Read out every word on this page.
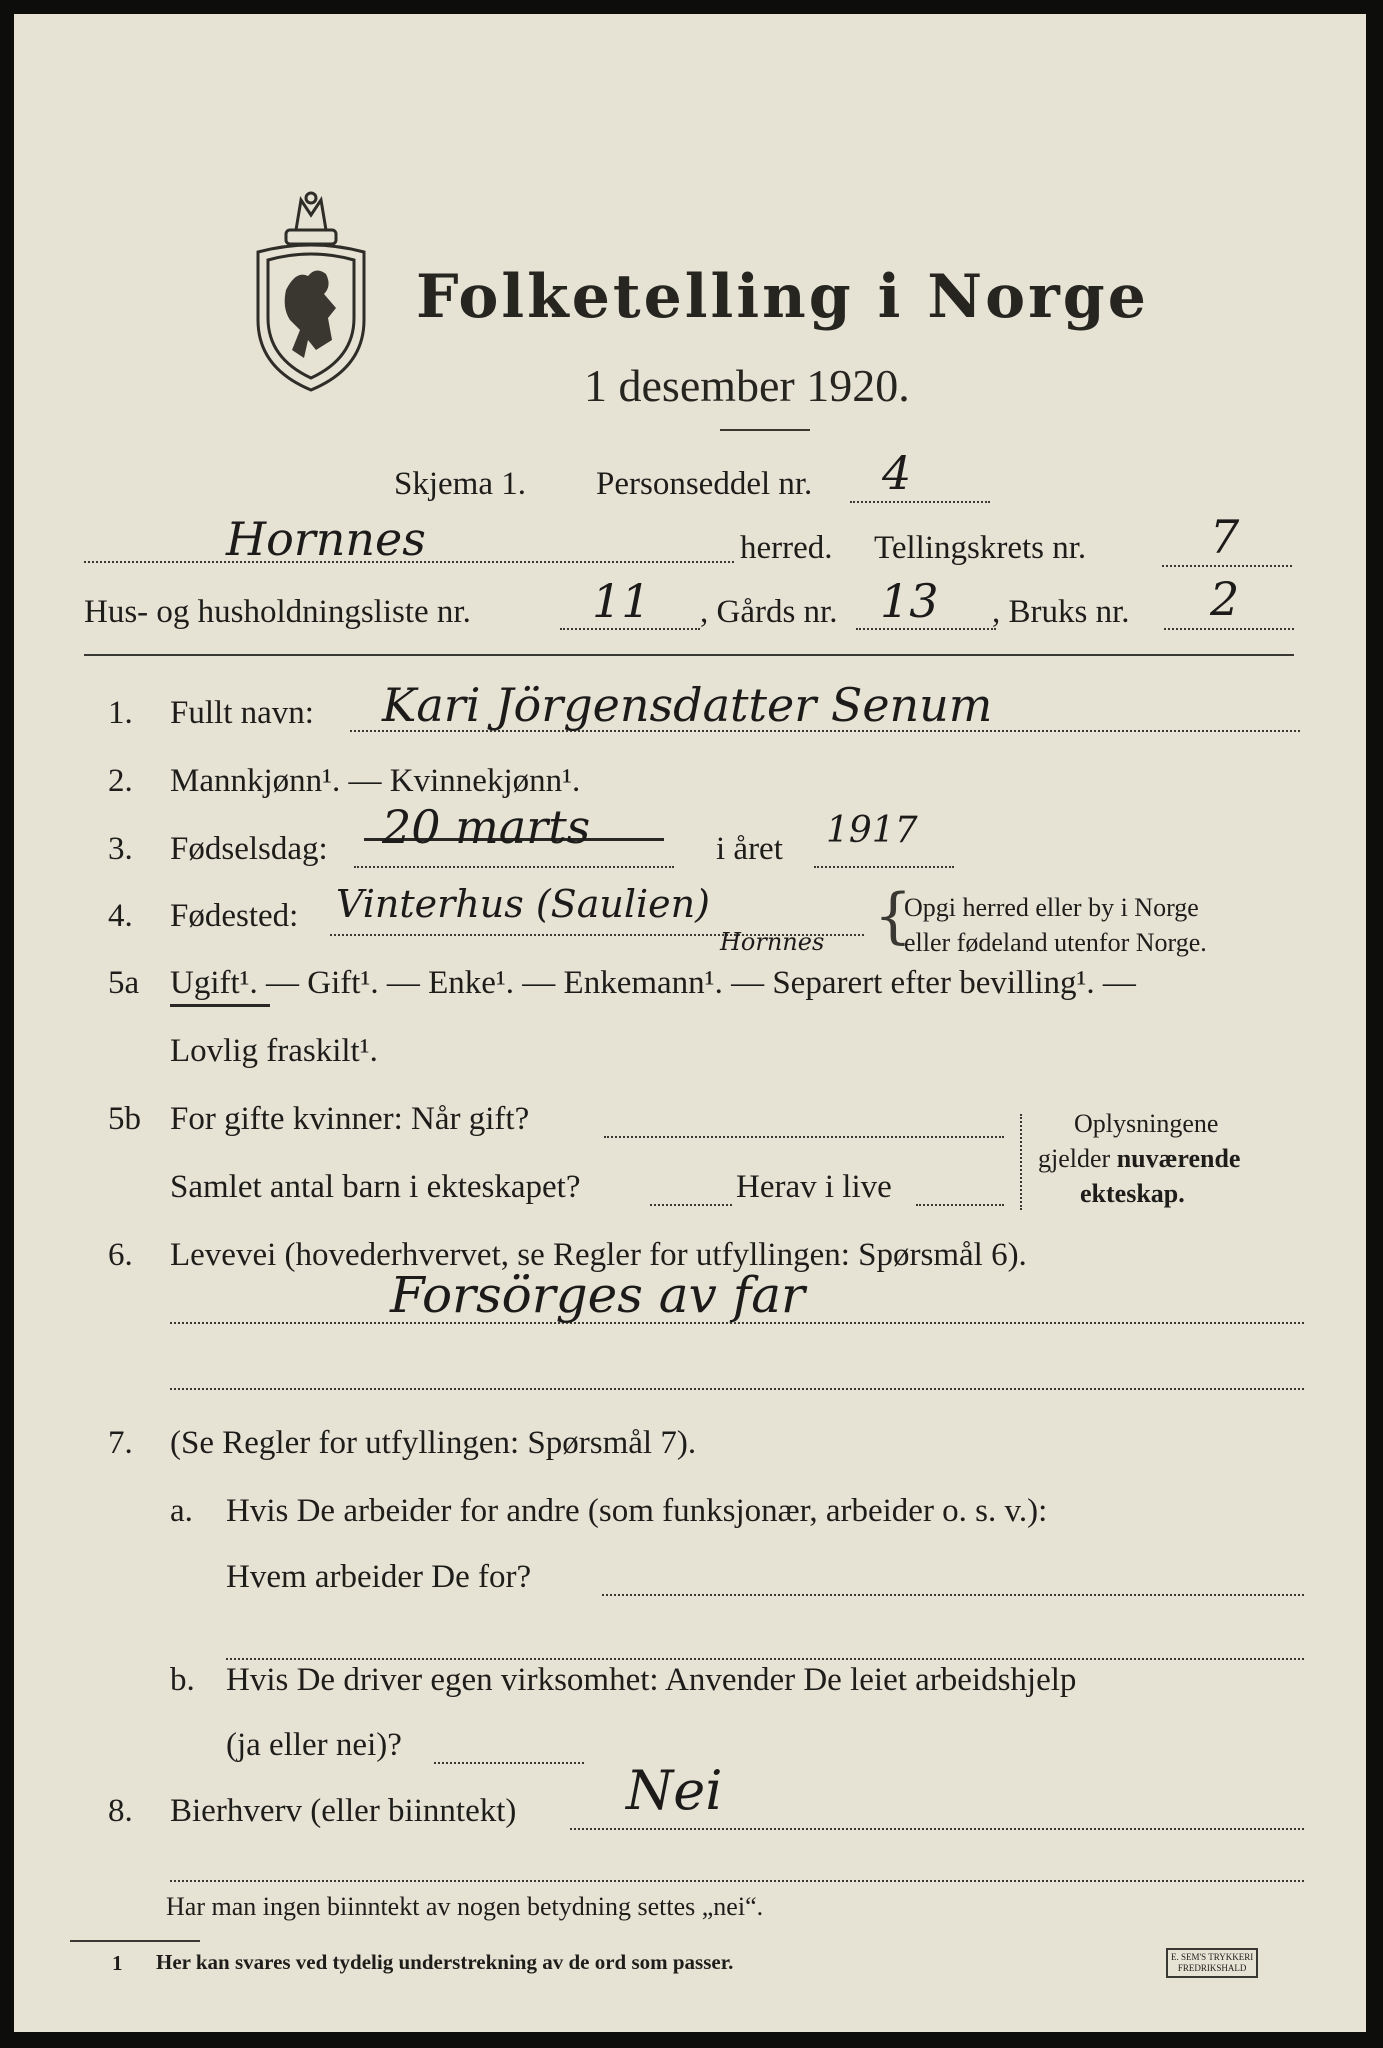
Folketelling i Norge
1 desember 1920.
Skjema 1. Personseddel nr. 4
Hornnes	herred. Tellingskrets nr.	7
Hus- og husholdningsliste nr.	11 , Gårds nr. 13 , Bruks nr. 2
1. Fullt navn: Kari Jörgensdatter Senum
2. Mannkjønn¹. — Kvinnekjønn¹.
3. Fødselsdag: 20 marts	i året 1917
4. Fødested: Vinterhus (Saulien)
Hornnes {
Opgi herred eller by i Norge
eller fødeland utenfor Norge.
5a Ugift¹. — Gift¹. — Enke¹. — Enkemann¹. — Separert efter bevilling¹. —
Lovlig fraskilt¹.
5b For gifte kvinner: Når gift?
Samlet antal barn i ekteskapet?	Herav i live
Oplysningene
gjelder nuværende
ekteskap.
6. Levevei (hovederhvervet, se Regler for utfyllingen: Spørsmål 6).
Forsörges av far
7. (Se Regler for utfyllingen: Spørsmål 7).
a. Hvis De arbeider for andre (som funksjonær, arbeider o. s. v.):
Hvem arbeider De for?
b. Hvis De driver egen virksomhet: Anvender De leiet arbeidshjelp
(ja eller nei)?
8. Bierhverv (eller biinntekt) Nei
Har man ingen biinntekt av nogen betydning settes „nei“.
1 Her kan svares ved tydelig understrekning av de ord som passer.	E. SEM'S TRYKKERI
FREDRIKSHALD
